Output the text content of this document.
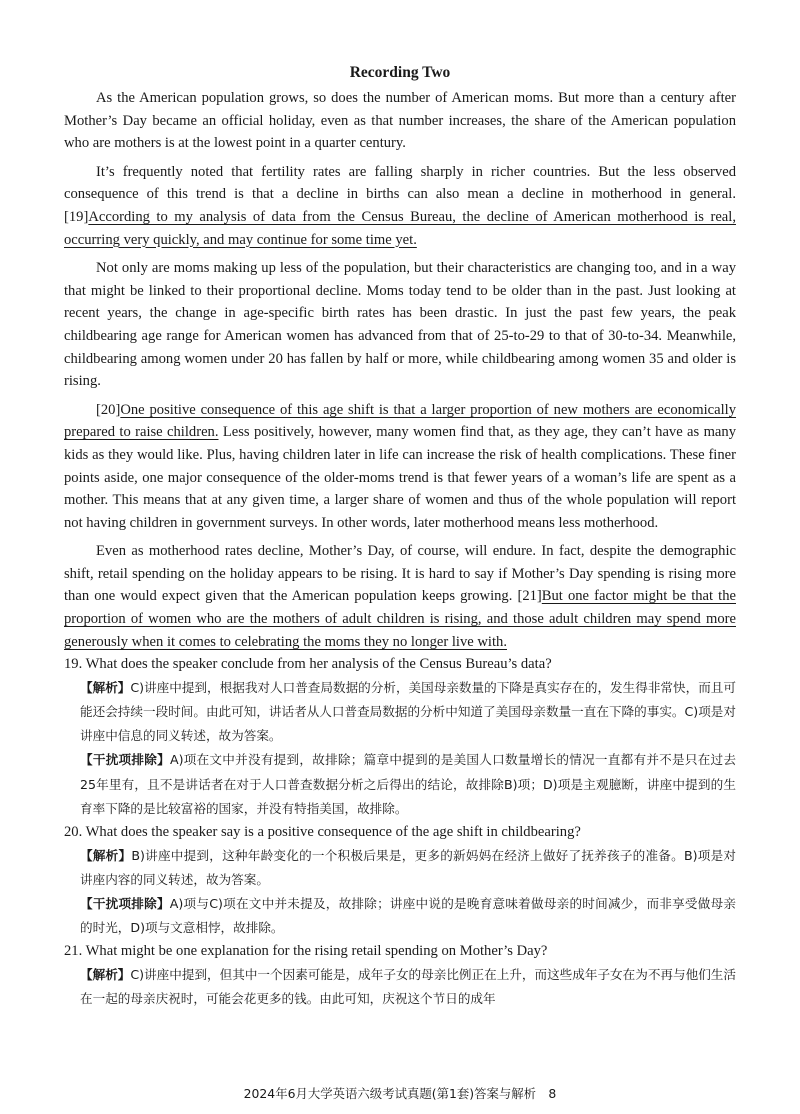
Recording Two

As the American population grows, so does the number of American moms. But more than a century after Mother’s Day became an official holiday, even as that number increases, the share of the American population who are mothers is at the lowest point in a quarter century.

It’s frequently noted that fertility rates are falling sharply in richer countries. But the less observed consequence of this trend is that a decline in births can also mean a decline in motherhood in general. [19]According to my analysis of data from the Census Bureau, the decline of American motherhood is real, occurring very quickly, and may continue for some time yet.

Not only are moms making up less of the population, but their characteristics are changing too, and in a way that might be linked to their proportional decline. Moms today tend to be older than in the past. Just looking at recent years, the change in age-specific birth rates has been drastic. In just the past few years, the peak childbearing age range for American women has advanced from that of 25-to-29 to that of 30-to-34. Meanwhile, childbearing among women under 20 has fallen by half or more, while childbearing among women 35 and older is rising.

[20]One positive consequence of this age shift is that a larger proportion of new mothers are economically prepared to raise children. Less positively, however, many women find that, as they age, they can’t have as many kids as they would like. Plus, having children later in life can increase the risk of health complications. These finer points aside, one major consequence of the older-moms trend is that fewer years of a woman’s life are spent as a mother. This means that at any given time, a larger share of women and thus of the whole population will report not having children in government surveys. In other words, later motherhood means less motherhood.

Even as motherhood rates decline, Mother’s Day, of course, will endure. In fact, despite the demographic shift, retail spending on the holiday appears to be rising. It is hard to say if Mother’s Day spending is rising more than one would expect given that the American population keeps growing. [21]But one factor might be that the proportion of women who are the mothers of adult children is rising, and those adult children may spend more generously when it comes to celebrating the moms they no longer live with.

19. What does the speaker conclude from her analysis of the Census Bureau’s data?

【解析】C)讲座中提到，根据我对人口普查局数据的分析，美国母亲数量的下降是真实存在的，发生得非常快，而且可能还会持续一段时间。由此可知，讲话者从人口普查局数据的分析中知道了美国母亲数量一直在下降的事实。C)项是对讲座中信息的同义转述，故为答案。

【干扰项排除】A)项在文中并没有提到，故排除；篇章中提到的是美国人口数量增长的情况一直都有并不是只在过去25年里有，且不是讲话者在对于人口普查数据分析之后得出的结论，故排除B)项；D)项是主观臆断，讲座中提到的生育率下降的是比较富裕的国家，并没有特指美国，故排除。

20. What does the speaker say is a positive consequence of the age shift in childbearing?

【解析】B)讲座中提到，这种年龄变化的一个积极后果是，更多的新妈妈在经济上做好了抚养孩子的准备。B)项是对讲座内容的同义转述，故为答案。

【干扰项排除】A)项与C)项在文中并未提及，故排除；讲座中说的是晚育意味着做母亲的时间减少，而非享受做母亲的时光，D)项与文意相悖，故排除。

21. What might be one explanation for the rising retail spending on Mother’s Day?

【解析】C)讲座中提到，但其中一个因素可能是，成年子女的母亲比例正在上升，而这些成年子女在为不再与他们生活在一起的母亲庆祝时，可能会花更多的钱。由此可知，庆祝这个节日的成年

2024年6月大学英语六级考试真题(第1套)答案与解析　8
